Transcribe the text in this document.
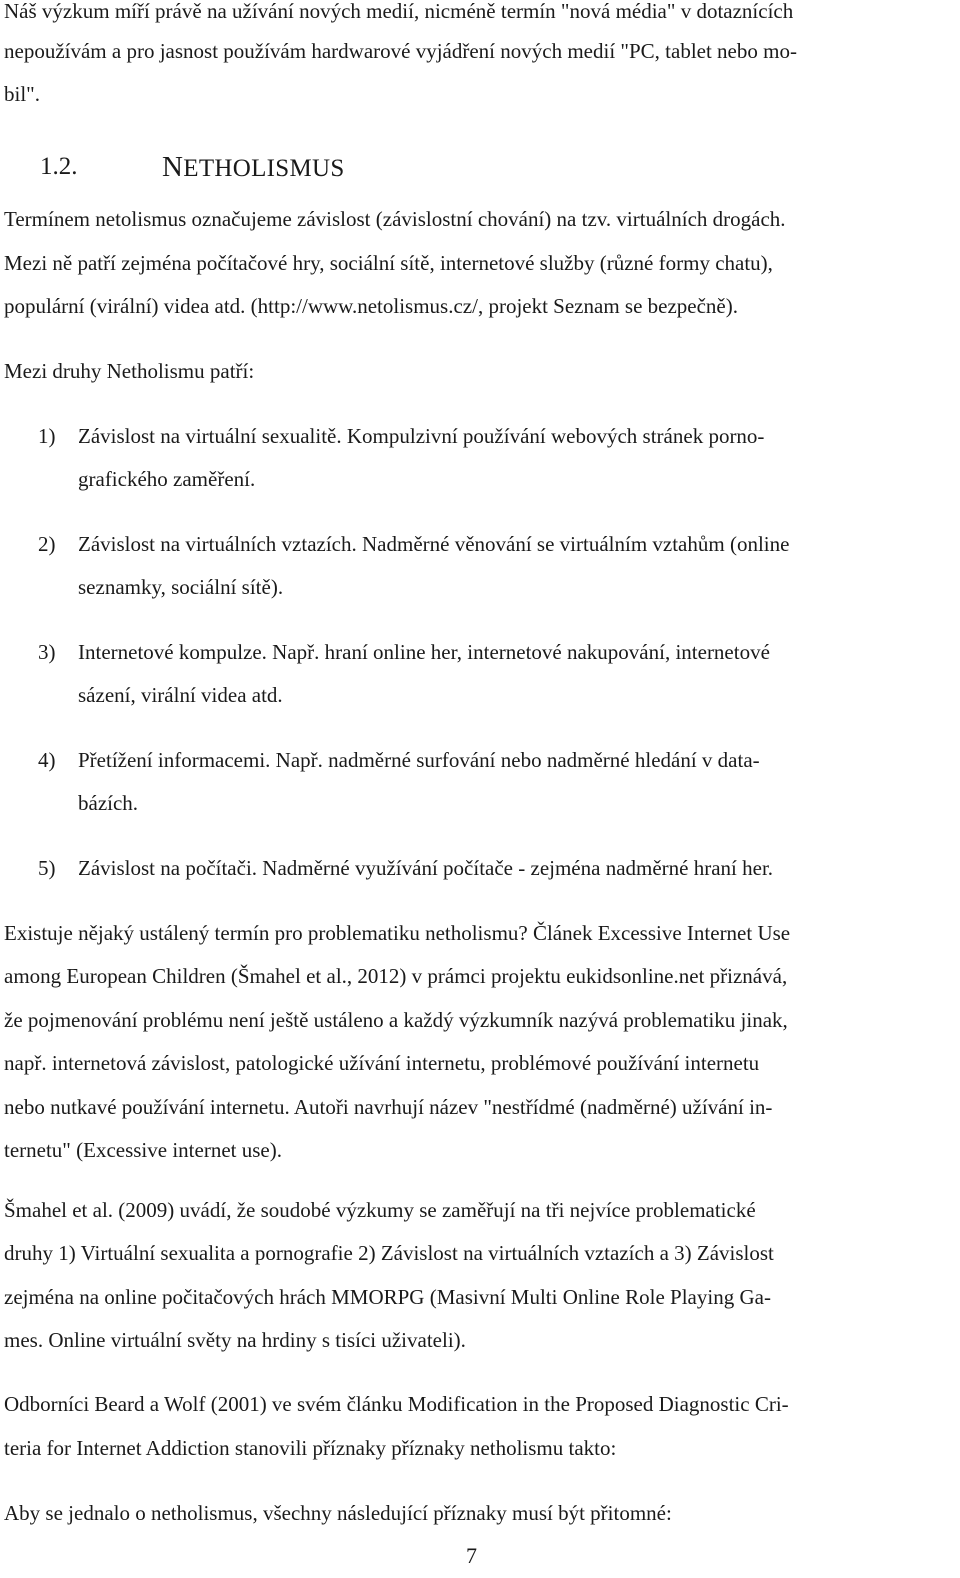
Náš výzkum míří právě na užívání nových medií, nicméně termín "nová média" v dotaznících
nepoužívám a pro jasnost používám hardwarové vyjádření nových medií "PC, tablet nebo mo-
bil".
1.2.	NETHOLISMUS
Termínem netolismus označujeme závislost (závislostní chování) na tzv. virtuálních drogách.
Mezi ně patří zejména počítačové hry, sociální sítě, internetové služby (různé formy chatu),
populární (virální) videa atd. (http://www.netolismus.cz/, projekt Seznam se bezpečně).
Mezi druhy Netholismu patří:
1) Závislost na virtuální sexualitě. Kompulzivní používání webových stránek porno-
grafického zaměření.
2) Závislost na virtuálních vztazích. Nadměrné věnování se virtuálním vztahům (online
seznamky, sociální sítě).
3) Internetové kompulze. Např. hraní online her, internetové nakupování, internetové
sázení, virální videa atd.
4) Přetížení informacemi. Např. nadměrné surfování nebo nadměrné hledání v data-
bázích.
5) Závislost na počítači. Nadměrné využívání počítače - zejména nadměrné hraní her.
Existuje nějaký ustálený termín pro problematiku netholismu? Článek Excessive Internet Use
among European Children (Šmahel et al., 2012) v prámci projektu eukidsonline.net přiznává,
že pojmenování problému není ještě ustáleno a každý výzkumník nazývá problematiku jinak,
např. internetová závislost, patologické užívání internetu, problémové používání internetu
nebo nutkavé používání internetu. Autoři navrhují název "nestřídmé (nadměrné) užívání in-
ternetu" (Excessive internet use).
Šmahel et al. (2009) uvádí, že soudobé výzkumy se zaměřují na tři nejvíce problematické
druhy 1) Virtuální sexualita a pornografie 2) Závislost na virtuálních vztazích a 3) Závislost
zejména na online počitačových hrách MMORPG (Masivní Multi Online Role Playing Ga-
mes. Online virtuální světy na hrdiny s tisíci uživateli).
Odborníci Beard a Wolf (2001) ve svém článku Modification in the Proposed Diagnostic Cri-
teria for Internet Addiction stanovili příznaky příznaky netholismu takto:
Aby se jednalo o netholismus, všechny následující příznaky musí být přitomné:
7
